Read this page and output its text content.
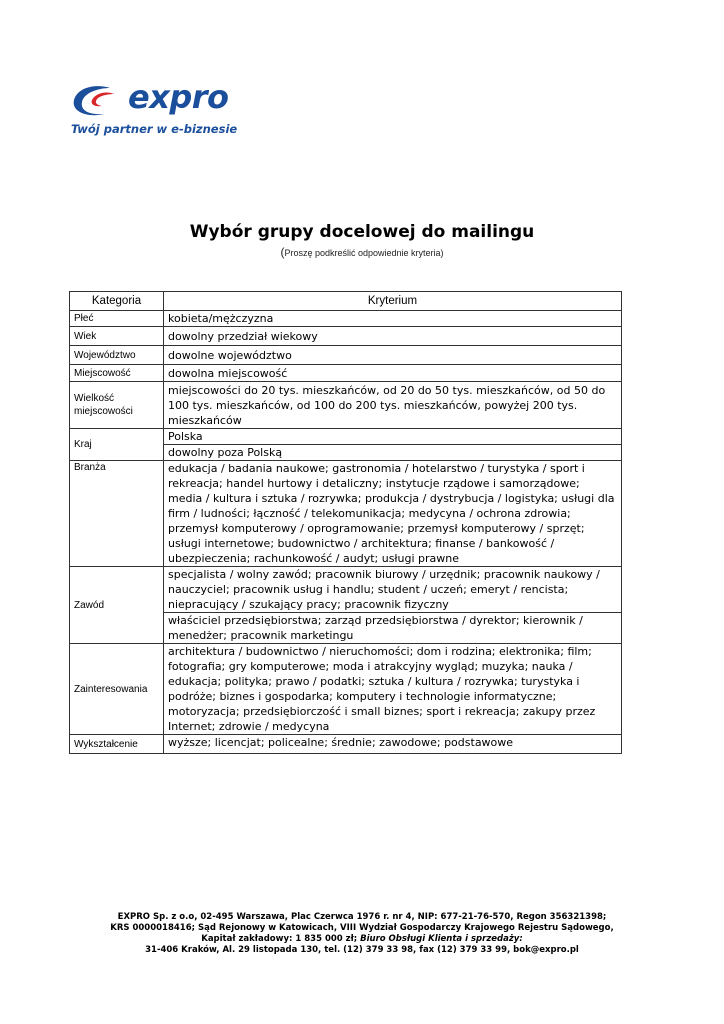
expro
Twój partner w e-biznesie
Wybór grupy docelowej do mailingu
(Proszę podkreślić odpowiednie kryteria)
Kategoria	Kryterium
Płeć	kobieta/mężczyzna
Wiek	dowolny przedział wiekowy
Województwo	dowolne województwo
Miejscowość	dowolna miejscowość
Wielkość miejscowości	miejscowości do 20 tys. mieszkańców, od 20 do 50 tys. mieszkańców, od 50 do 100 tys. mieszkańców, od 100 do 200 tys. mieszkańców, powyżej 200 tys. mieszkańców
Kraj	Polska
	dowolny poza Polską
Branża	edukacja / badania naukowe; gastronomia / hotelarstwo / turystyka / sport i rekreacja; handel hurtowy i detaliczny; instytucje rządowe i samorządowe; media / kultura i sztuka / rozrywka; produkcja / dystrybucja / logistyka; usługi dla firm / ludności; łączność / telekomunikacja; medycyna / ochrona zdrowia; przemysł komputerowy / oprogramowanie; przemysł komputerowy / sprzęt; usługi internetowe; budownictwo / architektura; finanse / bankowość / ubezpieczenia; rachunkowość / audyt; usługi prawne
Zawód	specjalista / wolny zawód; pracownik biurowy / urzędnik; pracownik naukowy / nauczyciel; pracownik usług i handlu; student / uczeń; emeryt / rencista; niepracujący / szukający pracy; pracownik fizyczny
	właściciel przedsiębiorstwa; zarząd przedsiębiorstwa / dyrektor; kierownik / menedżer; pracownik marketingu
Zainteresowania	architektura / budownictwo / nieruchomości; dom i rodzina; elektronika; film; fotografia; gry komputerowe; moda i atrakcyjny wygląd; muzyka; nauka / edukacja; polityka; prawo / podatki; sztuka / kultura / rozrywka; turystyka i podróże; biznes i gospodarka; komputery i technologie informatyczne; motoryzacja; przedsiębiorczość i small biznes; sport i rekreacja; zakupy przez Internet; zdrowie / medycyna
Wykształcenie	wyższe; licencjat; policealne; średnie; zawodowe; podstawowe
EXPRO Sp. z o.o, 02-495 Warszawa, Plac Czerwca 1976 r. nr 4, NIP: 677-21-76-570, Regon 356321398;
KRS 0000018416; Sąd Rejonowy w Katowicach, VIII Wydział Gospodarczy Krajowego Rejestru Sądowego,
Kapitał zakładowy: 1 835 000 zł; Biuro Obsługi Klienta i sprzedaży:
31-406 Kraków, Al. 29 listopada 130, tel. (12) 379 33 98, fax (12) 379 33 99, bok@expro.pl
